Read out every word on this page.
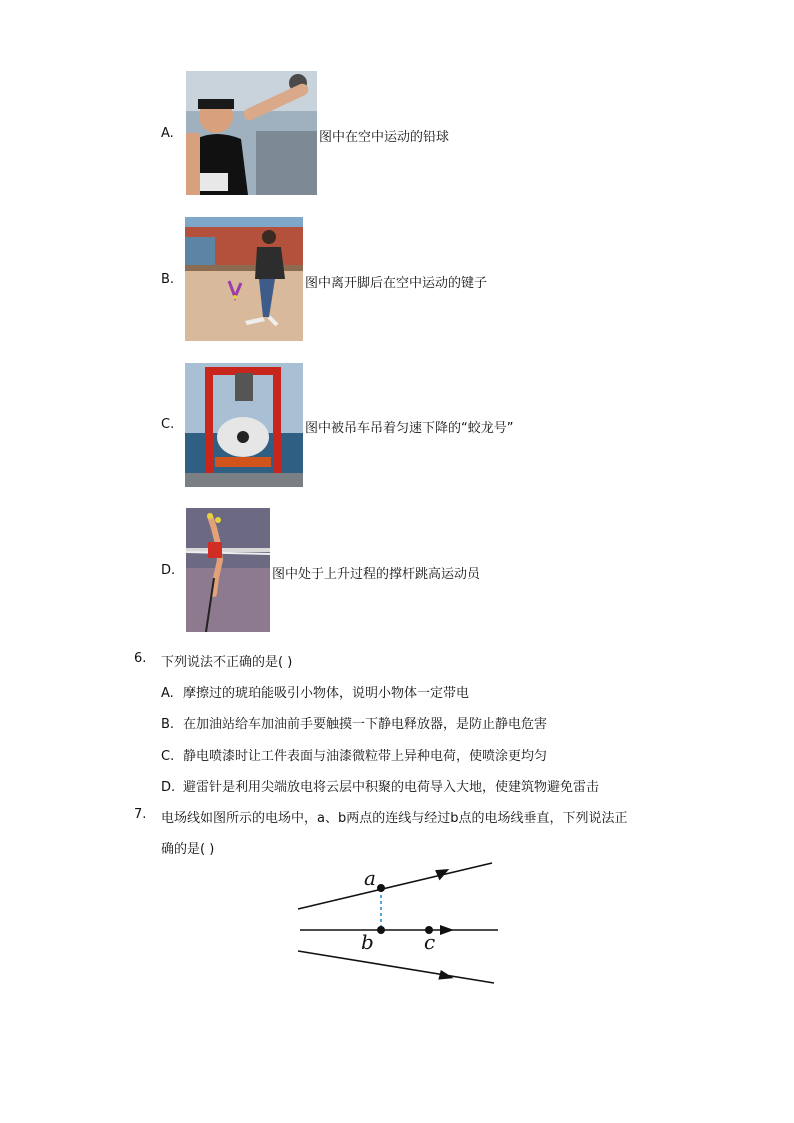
A.	图中在空中运动的铅球
B.	图中离开脚后在空中运动的键子
C.	图中被吊车吊着匀速下降的“蛟龙号”
D.	图中处于上升过程的撑杆跳高运动员
6. 下列说法不正确的是( )
A. 摩擦过的琥珀能吸引小物体，说明小物体一定带电
B. 在加油站给车加油前手要触摸一下静电释放器，是防止静电危害
C. 静电喷漆时让工件表面与油漆微粒带上异种电荷，使喷涂更均匀
D. 避雷针是利用尖端放电将云层中积聚的电荷导入大地，使建筑物避免雷击
7. 电场线如图所示的电场中，a、b两点的连线与经过b点的电场线垂直，下列说法正
确的是( )
a
b	c
